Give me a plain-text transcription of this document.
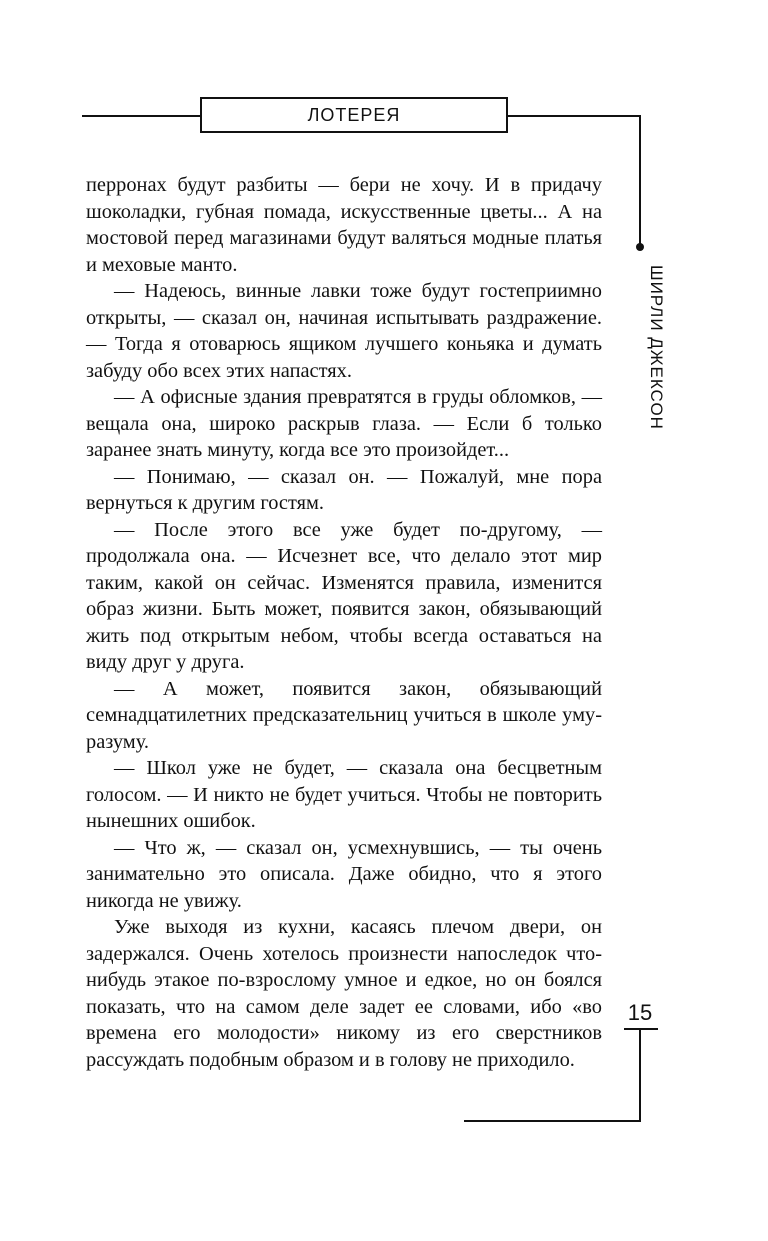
ЛОТЕРЕЯ
ШИРЛИ ДЖЕКСОН
15

перронах будут разбиты — бери не хочу. И в придачу шоколадки, губная помада, искусственные цветы... А на мостовой перед магазинами будут валяться модные платья и меховые манто.

— Надеюсь, винные лавки тоже будут гостеприимно открыты, — сказал он, начиная испытывать раздражение. — Тогда я отоварюсь ящиком лучшего коньяка и думать забуду обо всех этих напастях.

— А офисные здания превратятся в груды обломков, — вещала она, широко раскрыв глаза. — Если б только заранее знать минуту, когда все это произойдет...

— Понимаю, — сказал он. — Пожалуй, мне пора вернуться к другим гостям.

— После этого все уже будет по-другому, — продолжала она. — Исчезнет все, что делало этот мир таким, какой он сейчас. Изменятся правила, изменится образ жизни. Быть может, появится закон, обязывающий жить под открытым небом, чтобы всегда оставаться на виду друг у друга.

— А может, появится закон, обязывающий семнадцатилетних предсказательниц учиться в школе уму-разуму.

— Школ уже не будет, — сказала она бесцветным голосом. — И никто не будет учиться. Чтобы не повторить нынешних ошибок.

— Что ж, — сказал он, усмехнувшись, — ты очень занимательно это описала. Даже обидно, что я этого никогда не увижу.

Уже выходя из кухни, касаясь плечом двери, он задержался. Очень хотелось произнести напоследок что-нибудь этакое по-взрослому умное и едкое, но он боялся показать, что на самом деле задет ее словами, ибо «во времена его молодости» никому из его сверстников рассуждать подобным образом и в голову не приходило.
